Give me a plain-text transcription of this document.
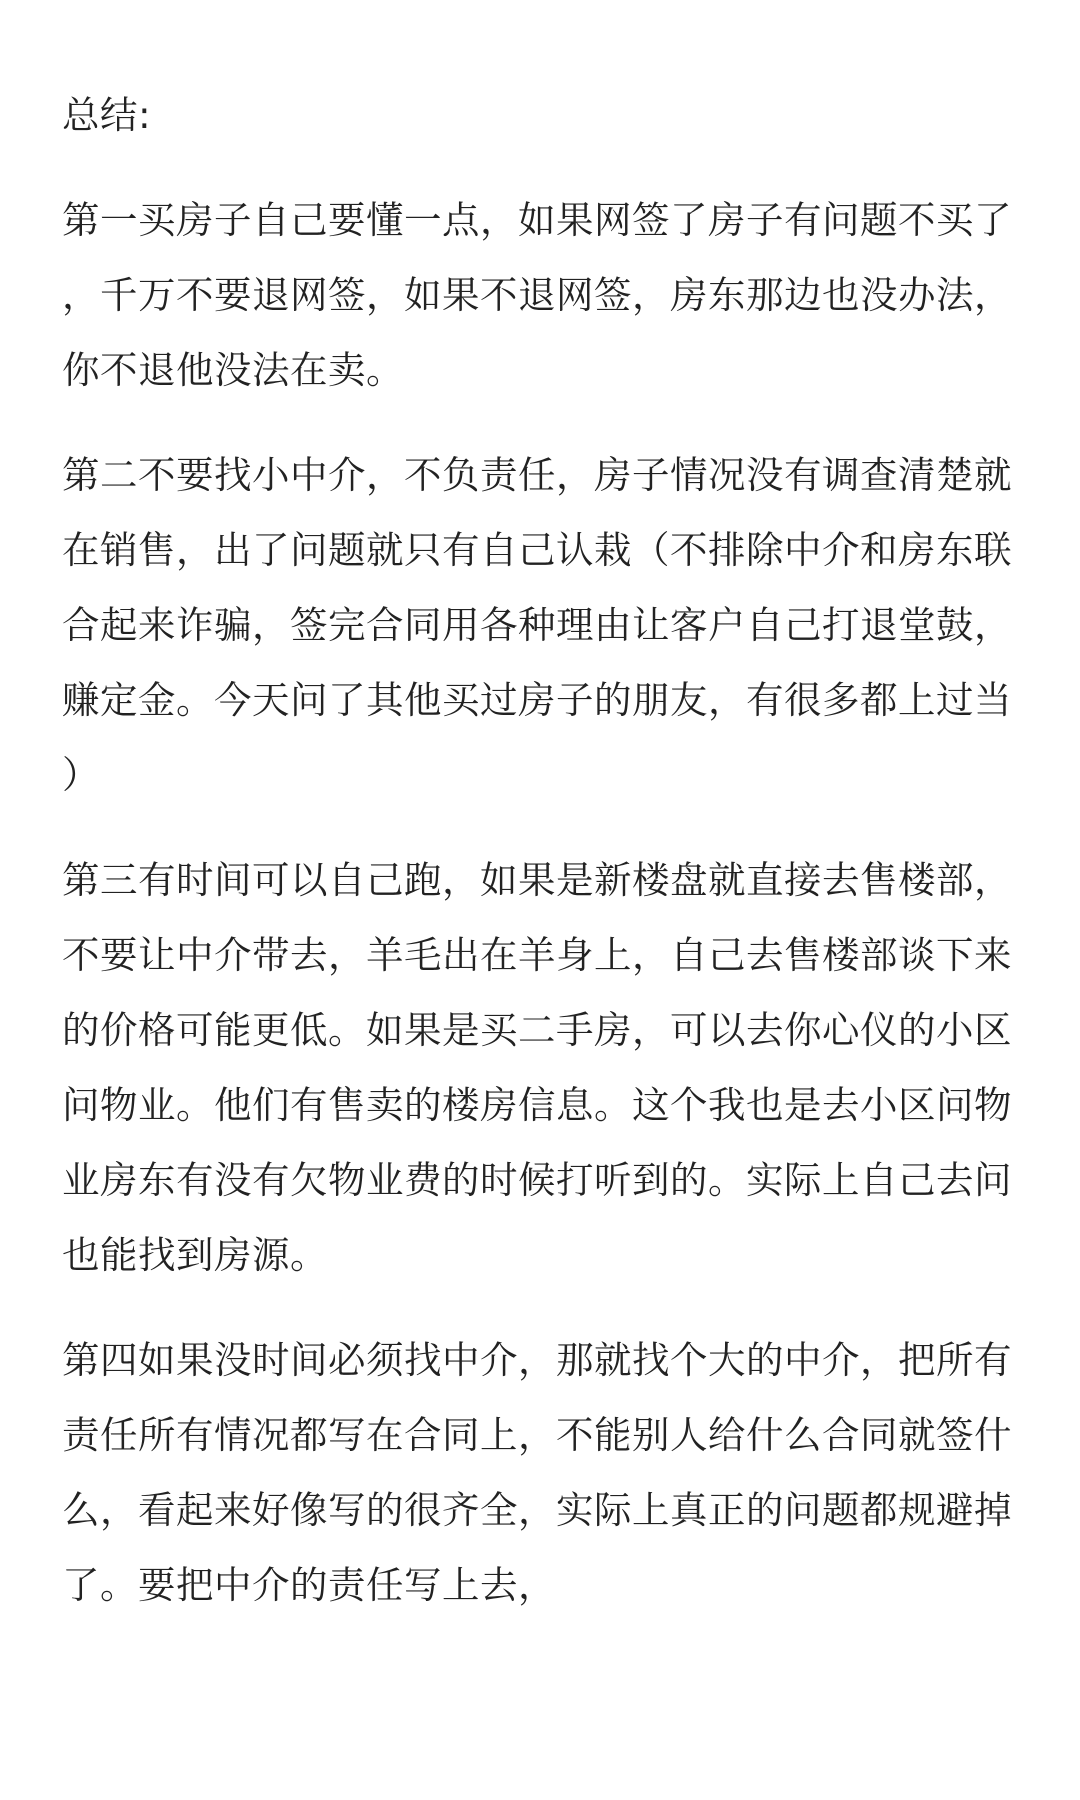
总结:

第一买房子自己要懂一点，如果网签了房子有问题不买了，千万不要退网签，如果不退网签，房东那边也没办法，你不退他没法在卖。

第二不要找小中介，不负责任，房子情况没有调查清楚就在销售，出了问题就只有自己认栽（不排除中介和房东联合起来诈骗，签完合同用各种理由让客户自己打退堂鼓，赚定金。今天问了其他买过房子的朋友，有很多都上过当）

第三有时间可以自己跑，如果是新楼盘就直接去售楼部，不要让中介带去，羊毛出在羊身上，自己去售楼部谈下来的价格可能更低。如果是买二手房，可以去你心仪的小区问物业。他们有售卖的楼房信息。这个我也是去小区问物业房东有没有欠物业费的时候打听到的。实际上自己去问也能找到房源。

第四如果没时间必须找中介，那就找个大的中介，把所有责任所有情况都写在合同上，不能别人给什么合同就签什么，看起来好像写的很齐全，实际上真正的问题都规避掉了。要把中介的责任写上去，
